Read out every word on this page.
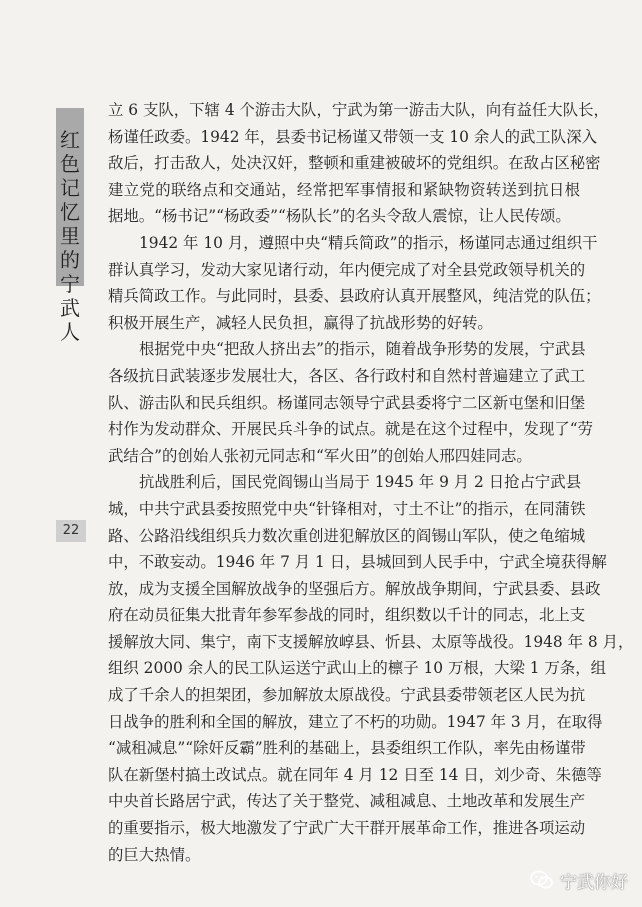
红
色
记
忆
里
的
宁
武
人
22
立 6 支队，下辖 4 个游击大队，宁武为第一游击大队，向有益任大队长，
杨谨任政委。1942 年，县委书记杨谨又带领一支 10 余人的武工队深入
敌后，打击敌人，处决汉奸，整顿和重建被破坏的党组织。在敌占区秘密
建立党的联络点和交通站，经常把军事情报和紧缺物资转送到抗日根
据地。“杨书记”“杨政委”“杨队长”的名头令敌人震惊，让人民传颂。
1942 年 10 月，遵照中央“精兵简政”的指示，杨谨同志通过组织干
群认真学习，发动大家见诸行动，年内便完成了对全县党政领导机关的
精兵简政工作。与此同时，县委、县政府认真开展整风，纯洁党的队伍；
积极开展生产，减轻人民负担，赢得了抗战形势的好转。
根据党中央“把敌人挤出去”的指示，随着战争形势的发展，宁武县
各级抗日武装逐步发展壮大，各区、各行政村和自然村普遍建立了武工
队、游击队和民兵组织。杨谨同志领导宁武县委将宁二区新屯堡和旧堡
村作为发动群众、开展民兵斗争的试点。就是在这个过程中，发现了“劳
武结合”的创始人张初元同志和“军火田”的创始人邢四娃同志。
抗战胜利后，国民党阎锡山当局于 1945 年 9 月 2 日抢占宁武县
城，中共宁武县委按照党中央“针锋相对，寸土不让”的指示，在同蒲铁
路、公路沿线组织兵力数次重创进犯解放区的阎锡山军队，使之龟缩城
中，不敢妄动。1946 年 7 月 1 日，县城回到人民手中，宁武全境获得解
放，成为支援全国解放战争的坚强后方。解放战争期间，宁武县委、县政
府在动员征集大批青年参军参战的同时，组织数以千计的同志，北上支
援解放大同、集宁，南下支援解放崞县、忻县、太原等战役。1948 年 8 月，
组织 2000 余人的民工队运送宁武山上的檩子 10 万根，大梁 1 万条，组
成了千余人的担架团，参加解放太原战役。宁武县委带领老区人民为抗
日战争的胜利和全国的解放，建立了不朽的功勋。1947 年 3 月，在取得
“减租减息”“除奸反霸”胜利的基础上，县委组织工作队，率先由杨谨带
队在新堡村搞土改试点。就在同年 4 月 12 日至 14 日，刘少奇、朱德等
中央首长路居宁武，传达了关于整党、减租减息、土地改革和发展生产
的重要指示，极大地激发了宁武广大干群开展革命工作，推进各项运动
的巨大热情。
宁武你好
